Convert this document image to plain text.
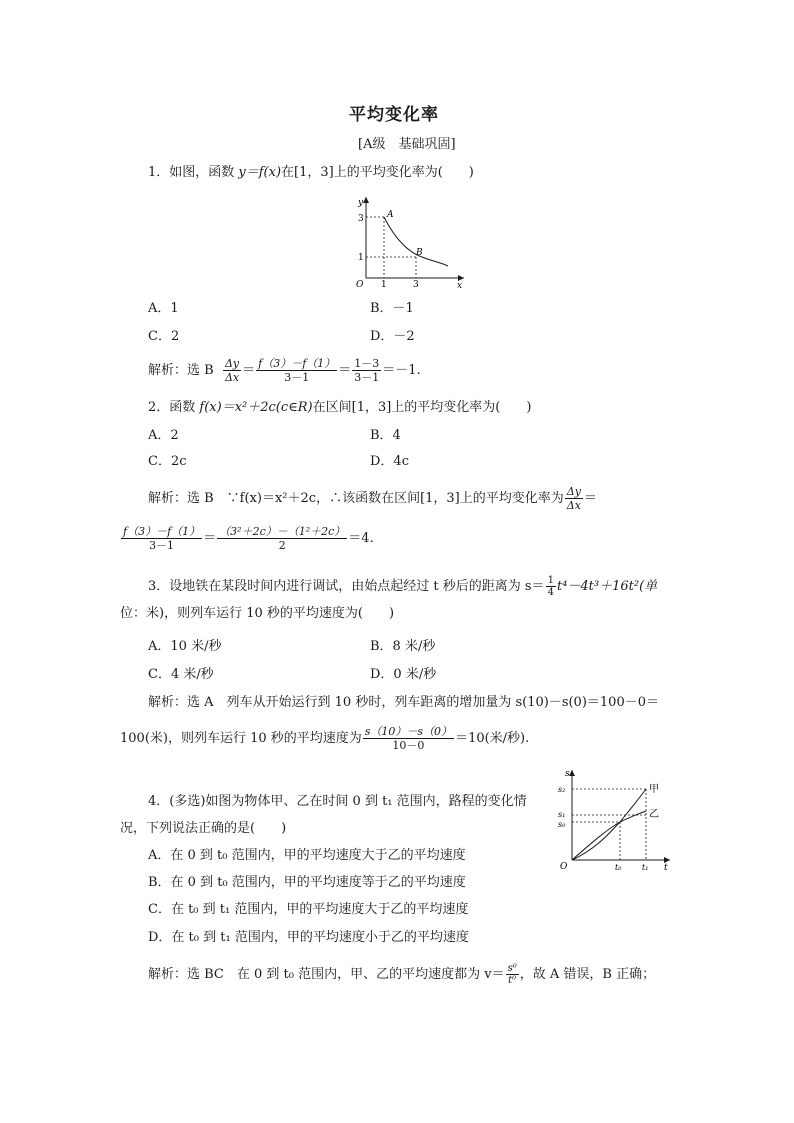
平均变化率
[A级　基础巩固]
1．如图，函数 y＝f(x)在[1，3]上的平均变化率为(　　)
y
x
O
3
1
1	3
A
B
A．1	B．－1
C．2	D．－2
解析：选 B $\frac{\Delta y}{\Delta x} = \frac{f(3)-f(1)}{3-1} = \frac{1-3}{3-1} =-1$.
2．函数 f(x)＝x²＋2c(c∈R)在区间[1，3]上的平均变化率为(　　)
A．2	B．4
C．2c	D．4c
解析：选 B　∵f(x)＝x²＋2c，∴该函数在区间[1，3]上的平均变化率为 $\frac{\Delta y}{\Delta x}$ ＝
$\frac{f(3)-f(1)}{3-1} = \frac{\text{（3²＋2c）－（1²＋2c）}}{2} =4$.
3．设地铁在某段时间内进行调试，由始点起经过 t 秒后的距离为 $s= \frac{1}{4} t^4-4t^3+16t^2$(单
位：米)，则列车运行 10 秒的平均速度为(　　)
A．10 米/秒	B．8 米/秒
C．4 米/秒	D．0 米/秒
解析：选 A　列车从开始运行到 10 秒时，列车距离的增加量为 s(10)－s(0)＝100－0＝
100(米)，则列车运行 10 秒的平均速度为 $\frac{s(10)-s(0)}{10-0} =10$(米/秒).
4．(多选)如图为物体甲、乙在时间 0 到 t₁ 范围内，路程的变化情
况，下列说法正确的是(　　)
A．在 0 到 t₀ 范围内，甲的平均速度大于乙的平均速度
B．在 0 到 t₀ 范围内，甲的平均速度等于乙的平均速度
C．在 t₀ 到 t₁ 范围内，甲的平均速度大于乙的平均速度
D．在 t₀ 到 t₁ 范围内，甲的平均速度小于乙的平均速度
s
t
O
s₂
s₁
s₀
t₀	t₁
甲
乙
解析：选 BC　在 0 到 t₀ 范围内，甲、乙的平均速度都为 $v= \frac{\text{s⁰}}{\text{t⁰}}$ ，故 A 错误，B 正确；
